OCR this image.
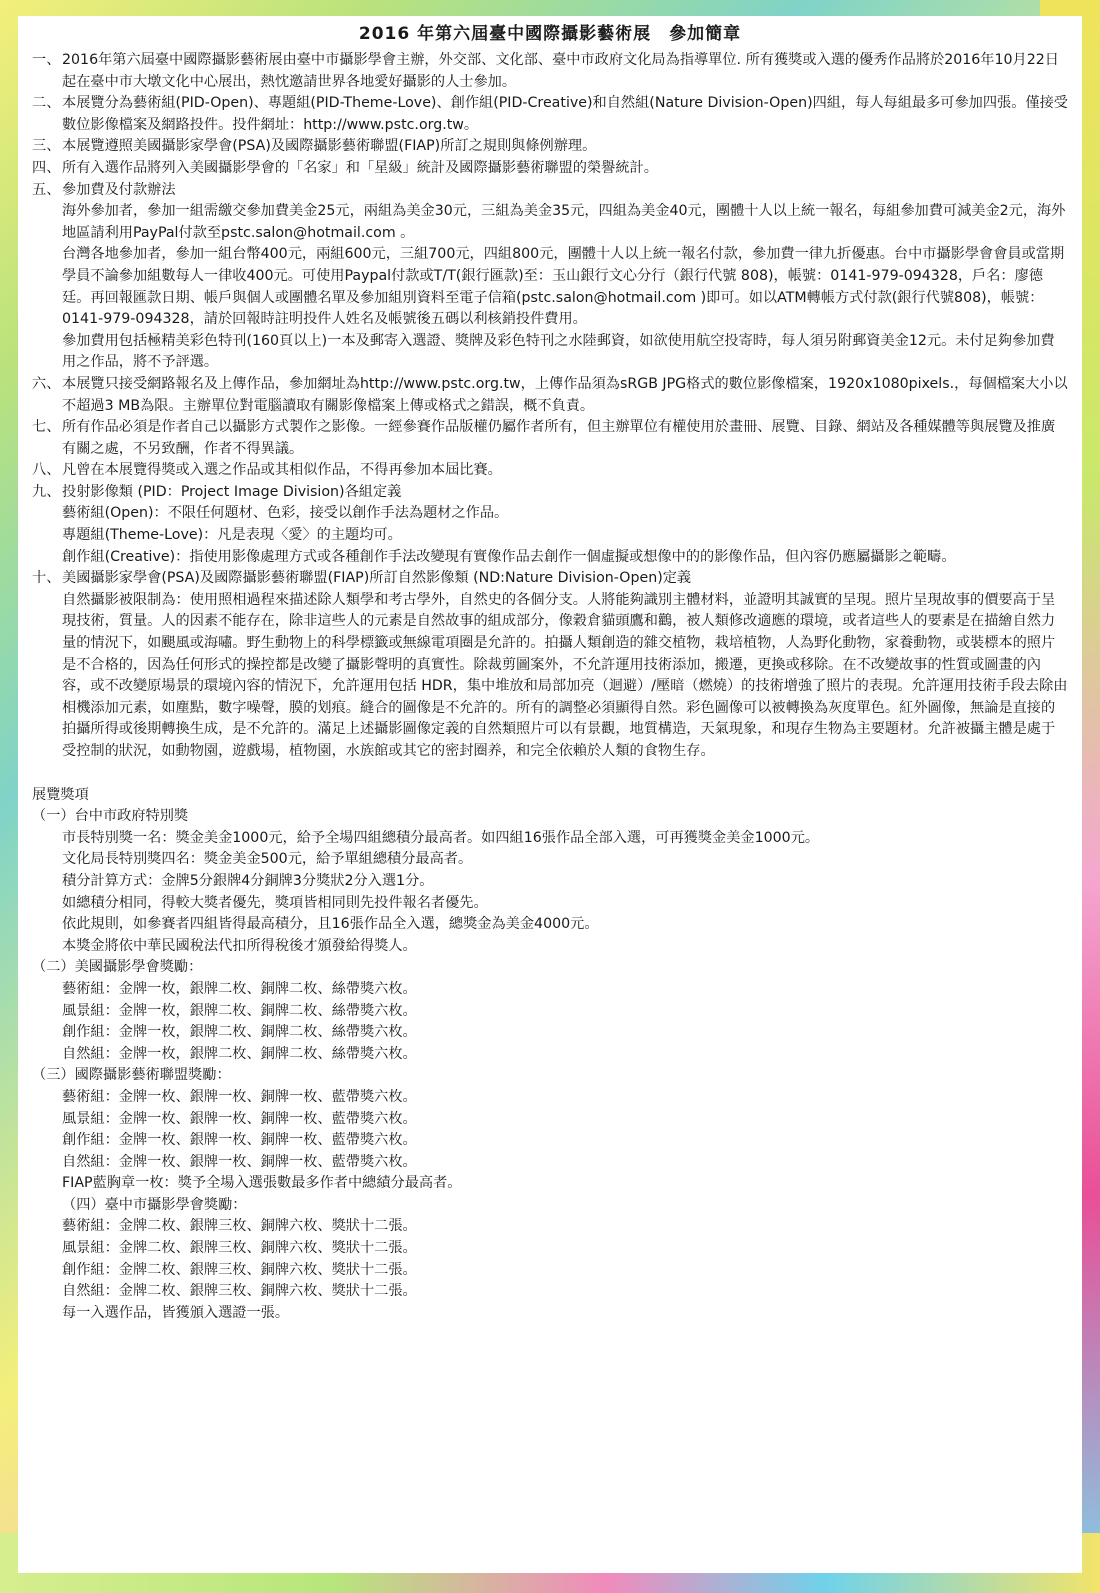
2016 年第六屆臺中國際攝影藝術展　參加簡章
一、 2016年第六屆臺中國際攝影藝術展由臺中市攝影學會主辦，外交部、文化部、臺中市政府文化局為指導單位. 所有獲獎或入選的優秀作品將於2016年10月22日起在臺中市大墩文化中心展出，熱忱邀請世界各地愛好攝影的人士參加。
二、 本展覽分為藝術組(PID-Open)、專題組(PID-Theme-Love)、創作組(PID-Creative)和自然組(Nature Division-Open)四組，每人每組最多可參加四張。僅接受數位影像檔案及網路投件。投件網址：http://www.pstc.org.tw。
三、 本展覽遵照美國攝影家學會(PSA)及國際攝影藝術聯盟(FIAP)所訂之規則與條例辦理。
四、 所有入選作品將列入美國攝影學會的「名家」和「星級」統計及國際攝影藝術聯盟的榮譽統計。
五、 參加費及付款辦法
海外參加者，參加一組需繳交參加費美金25元，兩組為美金30元，三組為美金35元，四組為美金40元，團體十人以上統一報名，每組參加費可減美金2元，海外地區請利用PayPal付款至pstc.salon@hotmail.com 。
台灣各地參加者，參加一組台幣400元，兩組600元，三組700元，四組800元，團體十人以上統一報名付款，參加費一律九折優惠。台中市攝影學會會員或當期學員不論參加組數每人一律收400元。可使用Paypal付款或T/T(銀行匯款)至：玉山銀行文心分行（銀行代號 808)，帳號：0141-979-094328，戶名：廖德廷。再回報匯款日期、帳戶與個人或團體名單及參加組別資料至電子信箱(pstc.salon@hotmail.com )即可。如以ATM轉帳方式付款(銀行代號808)，帳號：0141-979-094328，請於回報時註明投件人姓名及帳號後五碼以利核銷投件費用。
參加費用包括極精美彩色特刊(160頁以上)一本及郵寄入選證、獎牌及彩色特刊之水陸郵資，如欲使用航空投寄時，每人須另附郵資美金12元。未付足夠參加費用之作品，將不予評選。
六、 本展覽只接受網路報名及上傳作品，參加網址為http://www.pstc.org.tw，上傳作品須為sRGB JPG格式的數位影像檔案，1920x1080pixels.，每個檔案大小以不超過3 MB為限。主辦單位對電腦讀取有關影像檔案上傳或格式之錯誤，概不負責。
七、 所有作品必須是作者自己以攝影方式製作之影像。一經參賽作品版權仍屬作者所有，但主辦單位有權使用於畫冊、展覽、目錄、網站及各種媒體等與展覽及推廣有關之處，不另致酬，作者不得異議。
八、 凡曾在本展覽得獎或入選之作品或其相似作品，不得再參加本屆比賽。
九、 投射影像類 (PID：Project Image Division)各組定義
藝術組(Open)：不限任何題材、色彩，接受以創作手法為題材之作品。
專題組(Theme-Love)：凡是表現〈愛〉的主題均可。
創作組(Creative)：指使用影像處理方式或各種創作手法改變現有實像作品去創作一個虛擬或想像中的的影像作品，但內容仍應屬攝影之範疇。
十、 美國攝影家學會(PSA)及國際攝影藝術聯盟(FIAP)所訂自然影像類 (ND:Nature Division-Open)定義
自然攝影被限制為：使用照相過程來描述除人類學和考古學外，自然史的各個分支。人將能夠識別主體材料，並證明其誠實的呈現。照片呈現故事的價要高于呈現技術，質量。人的因素不能存在，除非這些人的元素是自然故事的組成部分，像穀倉貓頭鷹和鸛，被人類修改適應的環境，或者這些人的要素是在描繪自然力量的情況下，如颶風或海嘯。野生動物上的科學標籤或無線電項圈是允許的。拍攝人類創造的雜交植物，栽培植物，人為野化動物，家養動物，或裝標本的照片是不合格的，因為任何形式的操控都是改變了攝影聲明的真實性。除裁剪圖案外，不允許運用技術添加，搬遷，更換或移除。在不改變故事的性質或圖畫的內容，或不改變原場景的環境內容的情況下，允許運用包括 HDR，集中堆放和局部加亮（迴避）/壓暗（燃燒）的技術增強了照片的表現。允許運用技術手段去除由相機添加元素，如塵點，數字噪聲，膜的划痕。縫合的圖像是不允許的。所有的調整必須顯得自然。彩色圖像可以被轉換為灰度單色。紅外圖像，無論是直接的拍攝所得或後期轉換生成，是不允許的。滿足上述攝影圖像定義的自然類照片可以有景觀，地質構造，天氣現象，和現存生物為主要題材。允許被攝主體是處于受控制的狀況，如動物園，遊戲場，植物園，水族館或其它的密封圈养，和完全依賴於人類的食物生存。
展覽獎項
（一）台中市政府特別獎
市長特別獎一名：獎金美金1000元，給予全場四組總積分最高者。如四組16張作品全部入選，可再獲獎金美金1000元。
文化局長特別獎四名：獎金美金500元，給予單組總積分最高者。
積分計算方式：金牌5分銀牌4分銅牌3分獎狀2分入選1分。
如總積分相同，得較大獎者優先，獎項皆相同則先投件報名者優先。
依此規則，如參賽者四組皆得最高積分，且16張作品全入選，總獎金為美金4000元。
本獎金將依中華民國稅法代扣所得稅後才頒發給得獎人。
（二）美國攝影學會獎勵：
藝術組：金牌一枚，銀牌二枚、銅牌二枚、絲帶獎六枚。
風景組：金牌一枚，銀牌二枚、銅牌二枚、絲帶獎六枚。
創作組：金牌一枚，銀牌二枚、銅牌二枚、絲帶獎六枚。
自然組：金牌一枚，銀牌二枚、銅牌二枚、絲帶獎六枚。
（三）國際攝影藝術聯盟獎勵：
藝術組：金牌一枚、銀牌一枚、銅牌一枚、藍帶獎六枚。
風景組：金牌一枚、銀牌一枚、銅牌一枚、藍帶獎六枚。
創作組：金牌一枚、銀牌一枚、銅牌一枚、藍帶獎六枚。
自然組：金牌一枚、銀牌一枚、銅牌一枚、藍帶獎六枚。
FIAP藍胸章一枚：獎予全場入選張數最多作者中總績分最高者。
（四）臺中市攝影學會獎勵：
藝術組：金牌二枚、銀牌三枚、銅牌六枚、獎狀十二張。
風景組：金牌二枚、銀牌三枚、銅牌六枚、獎狀十二張。
創作組：金牌二枚、銀牌三枚、銅牌六枚、獎狀十二張。
自然組：金牌二枚、銀牌三枚、銅牌六枚、獎狀十二張。
每一入選作品，皆獲頒入選證一張。
